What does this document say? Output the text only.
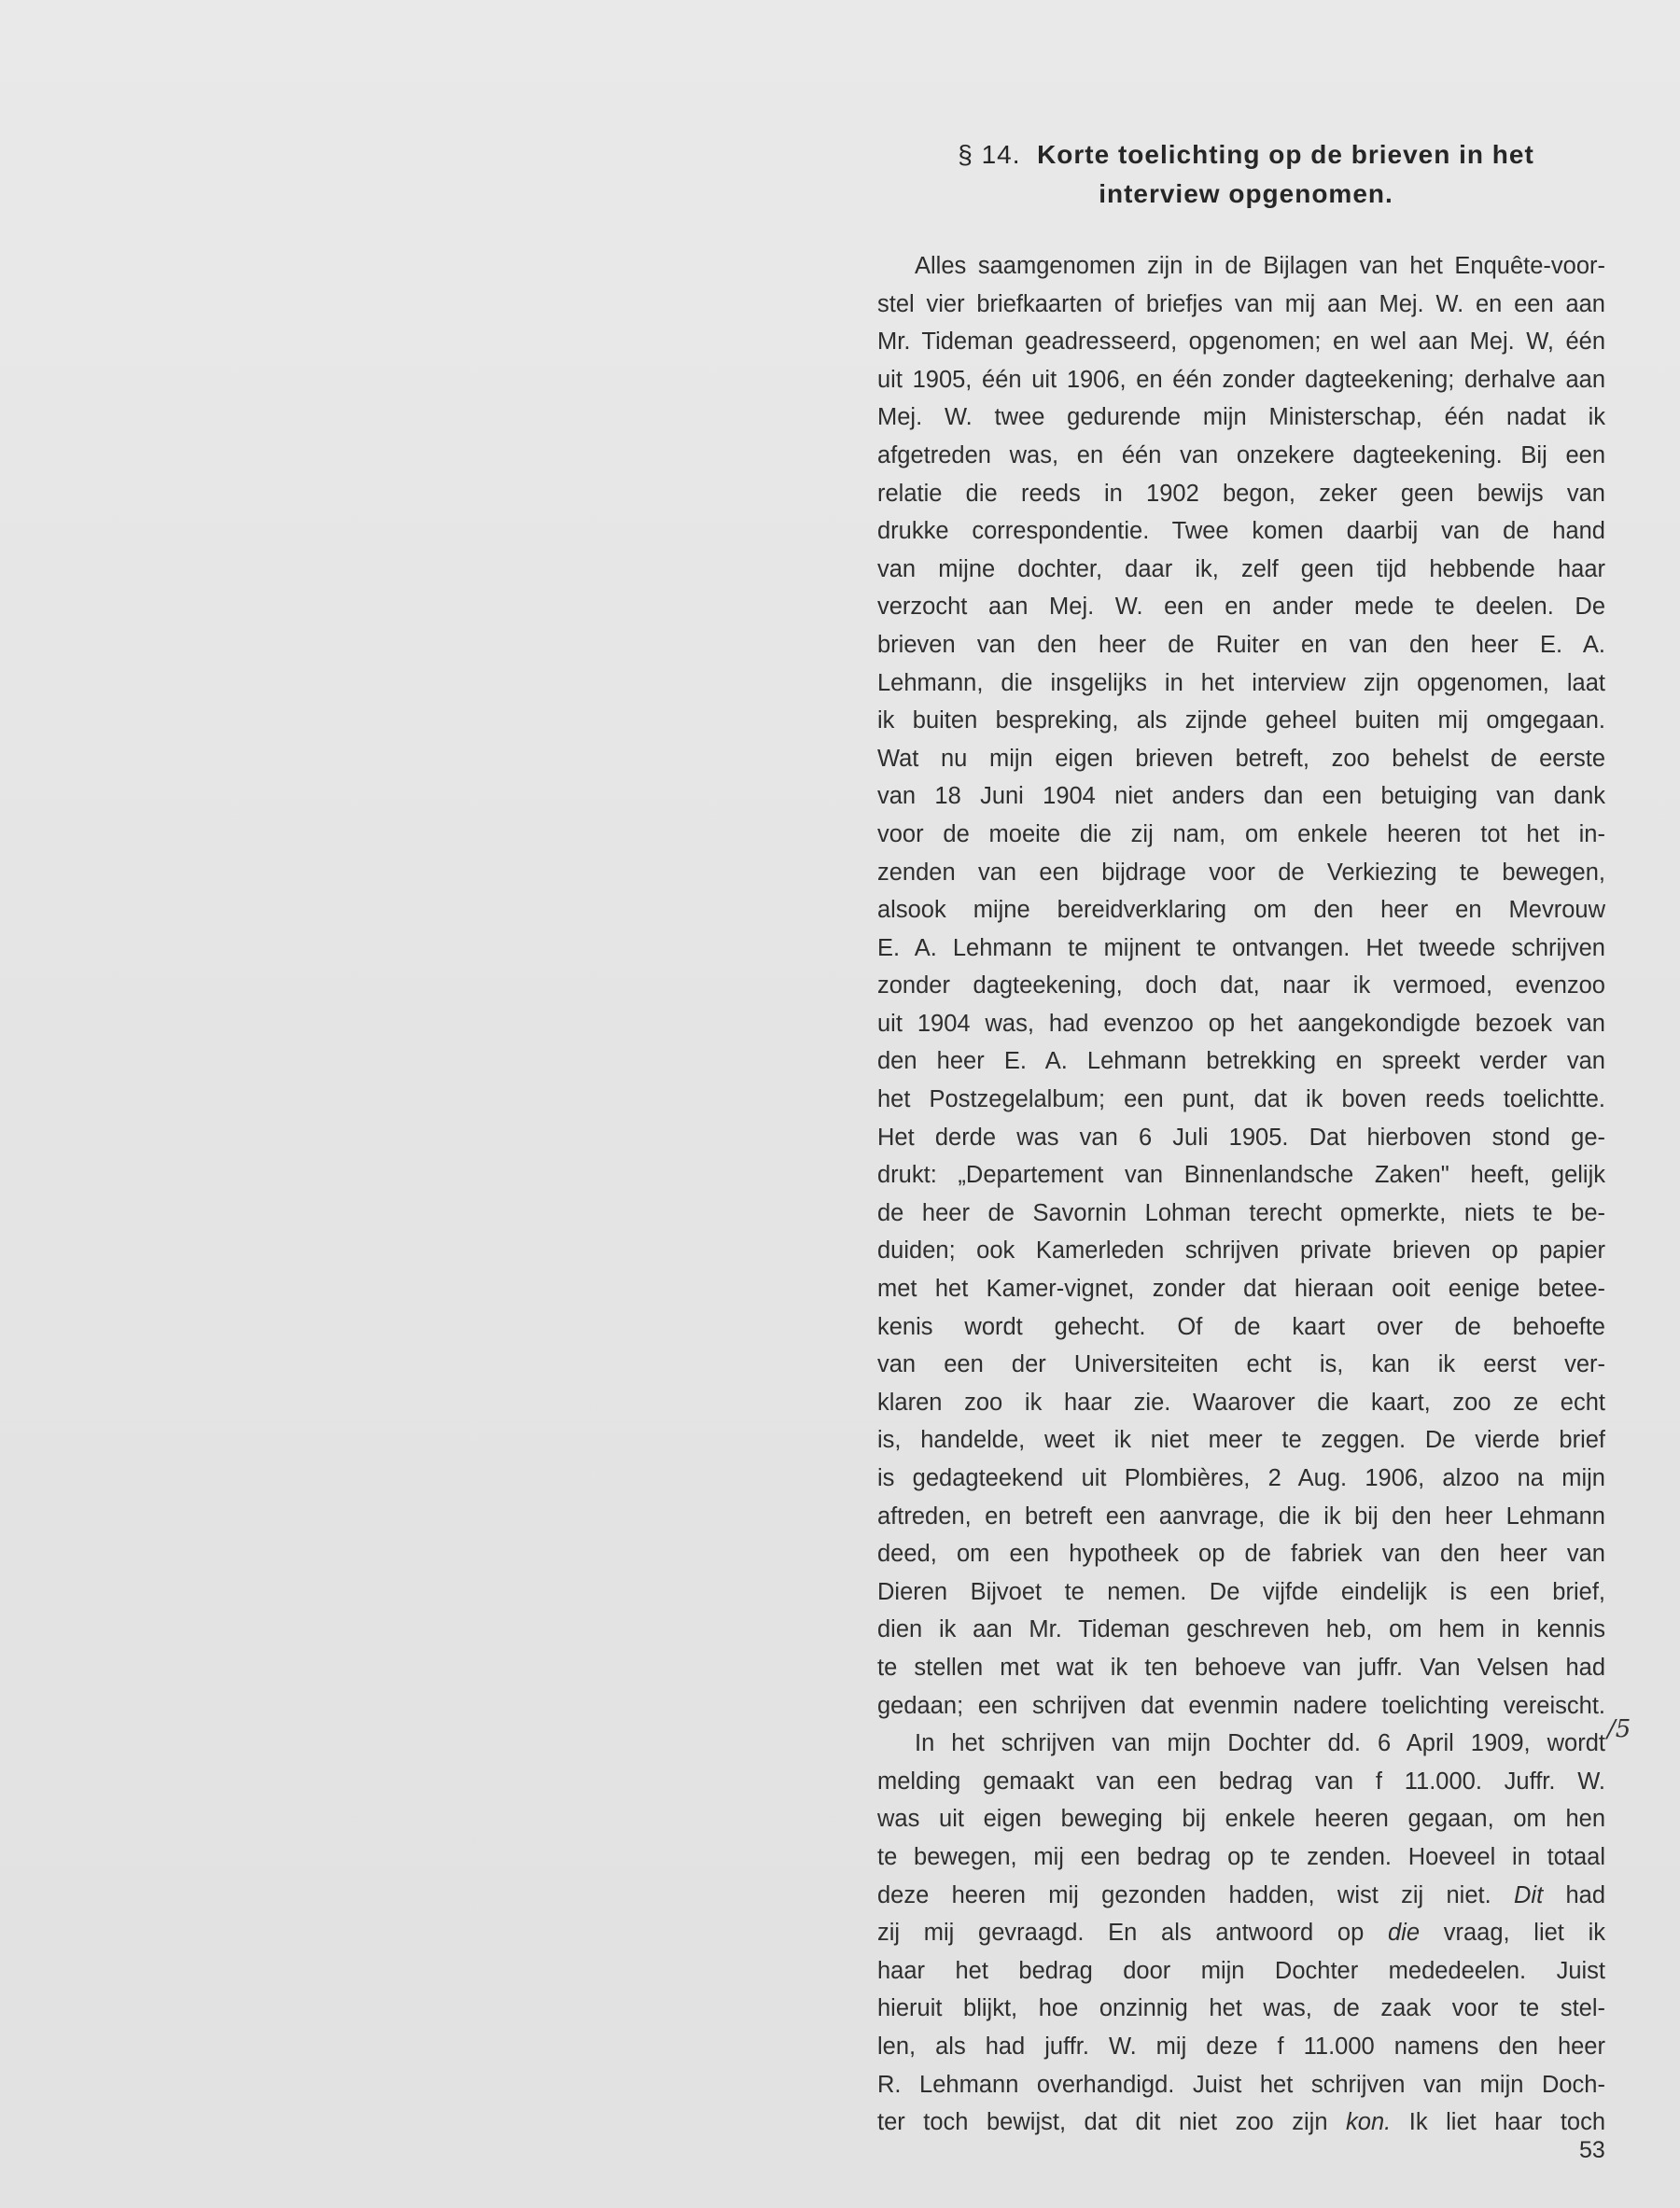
§ 14. Korte toelichting op de brieven in het
interview opgenomen.
Alles saamgenomen zijn in de Bijlagen van het Enquête-voor-
stel vier briefkaarten of briefjes van mij aan Mej. W. en een aan
Mr. Tideman geadresseerd, opgenomen; en wel aan Mej. W, één
uit 1905, één uit 1906, en één zonder dagteekening; derhalve aan
Mej. W. twee gedurende mijn Ministerschap, één nadat ik
afgetreden was, en één van onzekere dagteekening. Bij een
relatie die reeds in 1902 begon, zeker geen bewijs van
drukke correspondentie. Twee komen daarbij van de hand
van mijne dochter, daar ik, zelf geen tijd hebbende haar
verzocht aan Mej. W. een en ander mede te deelen. De
brieven van den heer de Ruiter en van den heer E. A.
Lehmann, die insgelijks in het interview zijn opgenomen, laat
ik buiten bespreking, als zijnde geheel buiten mij omgegaan.
Wat nu mijn eigen brieven betreft, zoo behelst de eerste
van 18 Juni 1904 niet anders dan een betuiging van dank
voor de moeite die zij nam, om enkele heeren tot het in-
zenden van een bijdrage voor de Verkiezing te bewegen,
alsook mijne bereidverklaring om den heer en Mevrouw
E. A. Lehmann te mijnent te ontvangen. Het tweede schrijven
zonder dagteekening, doch dat, naar ik vermoed, evenzoo
uit 1904 was, had evenzoo op het aangekondigde bezoek van
den heer E. A. Lehmann betrekking en spreekt verder van
het Postzegelalbum; een punt, dat ik boven reeds toelichtte.
Het derde was van 6 Juli 1905. Dat hierboven stond ge-
drukt: „Departement van Binnenlandsche Zaken" heeft, gelijk
de heer de Savornin Lohman terecht opmerkte, niets te be-
duiden; ook Kamerleden schrijven private brieven op papier
met het Kamer-vignet, zonder dat hieraan ooit eenige betee-
kenis wordt gehecht. Of de kaart over de behoefte
van een der Universiteiten echt is, kan ik eerst ver-
klaren zoo ik haar zie. Waarover die kaart, zoo ze echt
is, handelde, weet ik niet meer te zeggen. De vierde brief
is gedagteekend uit Plombières, 2 Aug. 1906, alzoo na mijn
aftreden, en betreft een aanvrage, die ik bij den heer Lehmann
deed, om een hypotheek op de fabriek van den heer van
Dieren Bijvoet te nemen. De vijfde eindelijk is een brief,
dien ik aan Mr. Tideman geschreven heb, om hem in kennis
te stellen met wat ik ten behoeve van juffr. Van Velsen had
gedaan; een schrijven dat evenmin nadere toelichting vereischt.
In het schrijven van mijn Dochter dd. 6 April 1909, wordt
melding gemaakt van een bedrag van f 11.000. Juffr. W.
was uit eigen beweging bij enkele heeren gegaan, om hen
te bewegen, mij een bedrag op te zenden. Hoeveel in totaal
deze heeren mij gezonden hadden, wist zij niet. Dit had
zij mij gevraagd. En als antwoord op die vraag, liet ik
haar het bedrag door mijn Dochter mededeelen. Juist
hieruit blijkt, hoe onzinnig het was, de zaak voor te stel-
len, als had juffr. W. mij deze f 11.000 namens den heer
R. Lehmann overhandigd. Juist het schrijven van mijn Doch-
ter toch bewijst, dat dit niet zoo zijn kon. Ik liet haar toch
/5
53
